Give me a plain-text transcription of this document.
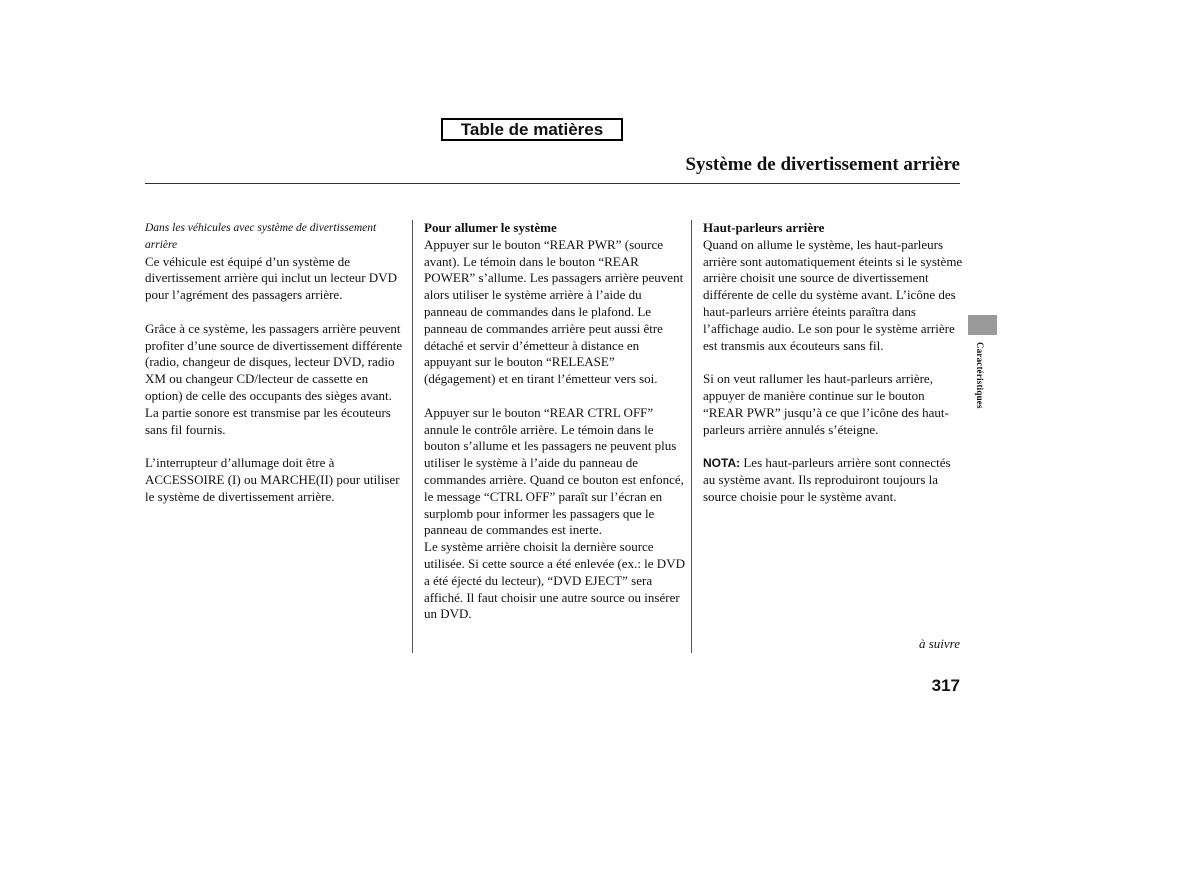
Table de matières
Système de divertissement arrière

Dans les véhicules avec système de divertissement arrière

Ce véhicule est équipé d’un système de divertissement arrière qui inclut un lecteur DVD pour l’agrément des passagers arrière.

Grâce à ce système, les passagers arrière peuvent profiter d’une source de divertissement différente (radio, changeur de disques, lecteur DVD, radio XM ou changeur CD/lecteur de cassette en option) de celle des occupants des sièges avant. La partie sonore est transmise par les écouteurs sans fil fournis.

L’interrupteur d’allumage doit être à ACCESSOIRE (I) ou MARCHE(II) pour utiliser le système de divertissement arrière.

Pour allumer le système

Appuyer sur le bouton “REAR PWR” (source avant). Le témoin dans le bouton “REAR POWER” s’allume. Les passagers arrière peuvent alors utiliser le système arrière à l’aide du panneau de commandes dans le plafond. Le panneau de commandes arrière peut aussi être détaché et servir d’émetteur à distance en appuyant sur le bouton “RELEASE” (dégagement) et en tirant l’émetteur vers soi.

Appuyer sur le bouton “REAR CTRL OFF” annule le contrôle arrière. Le témoin dans le bouton s’allume et les passagers ne peuvent plus utiliser le système à l’aide du panneau de commandes arrière. Quand ce bouton est enfoncé, le message “CTRL OFF” paraît sur l’écran en surplomb pour informer les passagers que le panneau de commandes est inerte.

Le système arrière choisit la dernière source utilisée. Si cette source a été enlevée (ex.: le DVD a été éjecté du lecteur), “DVD EJECT” sera affiché. Il faut choisir une autre source ou insérer un DVD.

Haut-parleurs arrière

Quand on allume le système, les haut-parleurs arrière sont automatiquement éteints si le système arrière choisit une source de divertissement différente de celle du système avant. L’icône des haut-parleurs arrière éteints paraîtra dans l’affichage audio. Le son pour le système arrière est transmis aux écouteurs sans fil.

Si on veut rallumer les haut-parleurs arrière, appuyer de manière continue sur le bouton “REAR PWR” jusqu’à ce que l’icône des haut-parleurs arrière annulés s’éteigne.

NOTA: Les haut-parleurs arrière sont connectés au système avant. Ils reproduiront toujours la source choisie pour le système avant.

à suivre
317
Caractéristiques
